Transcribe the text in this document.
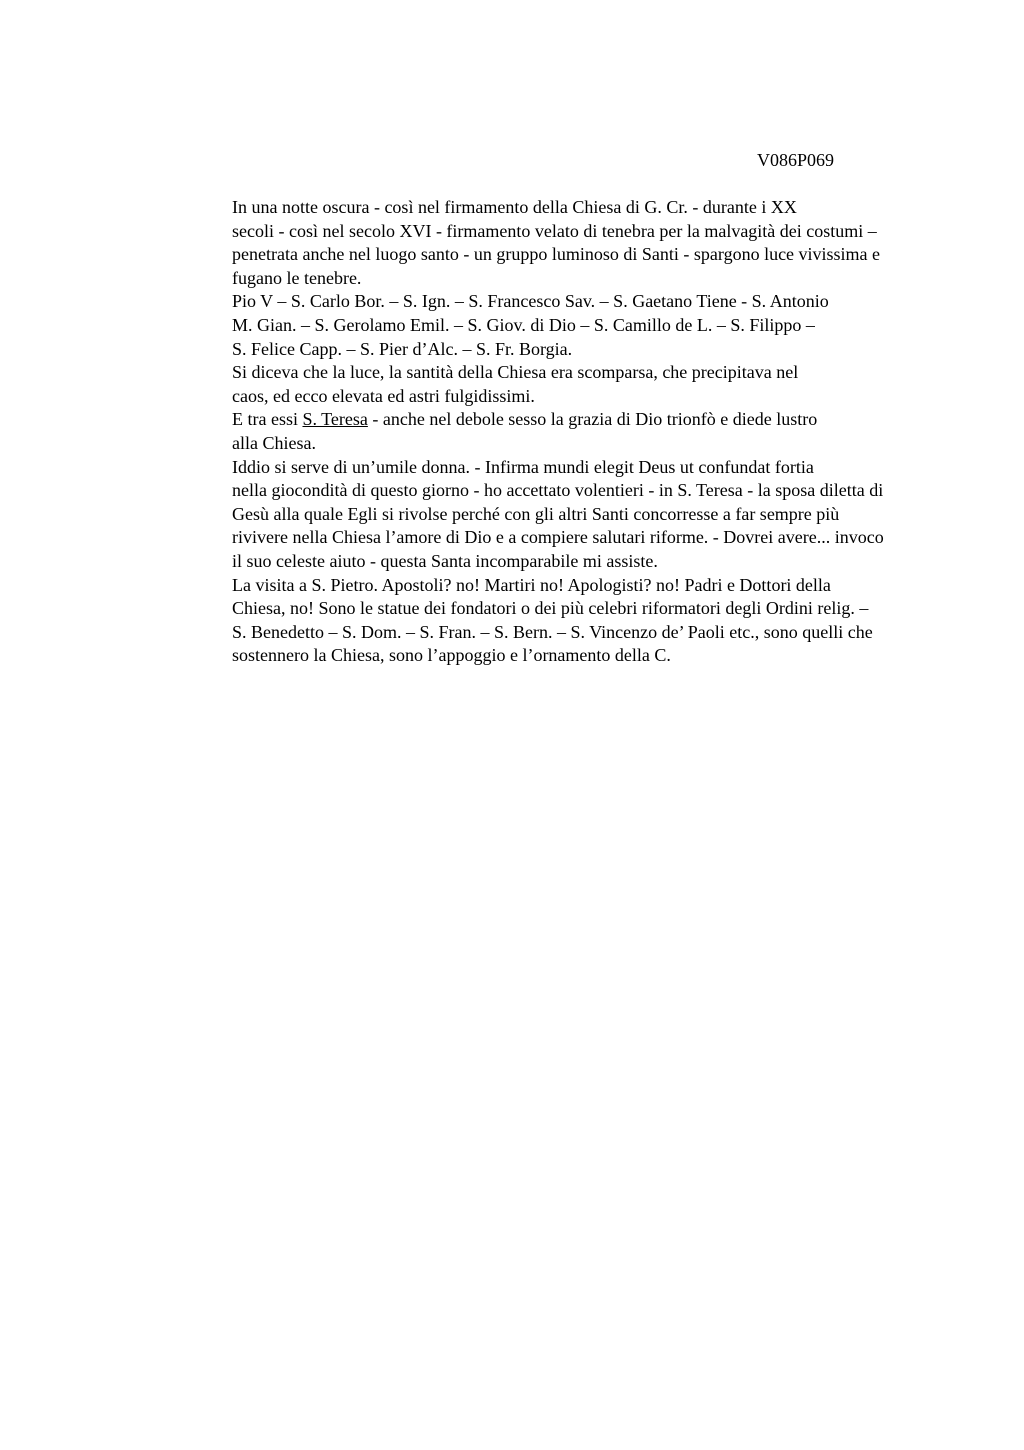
V086P069

In una notte oscura - così nel firmamento della Chiesa di G. Cr. - durante i XX
secoli - così nel secolo XVI - firmamento velato di tenebra per la malvagità dei costumi –
penetrata anche nel luogo santo - un gruppo luminoso di Santi - spargono luce vivissima e
fugano le tenebre.

Pio V – S. Carlo Bor. – S. Ign. – S. Francesco Sav. – S. Gaetano Tiene - S. Antonio
M. Gian. – S. Gerolamo Emil. – S. Giov. di Dio – S. Camillo de L. – S. Filippo –
S. Felice Capp. – S. Pier d’Alc. – S. Fr. Borgia.

Si diceva che la luce, la santità della Chiesa era scomparsa, che precipitava nel
caos, ed ecco elevata ed astri fulgidissimi.

E tra essi S. Teresa - anche nel debole sesso la grazia di Dio trionfò e diede lustro
alla Chiesa.

Iddio si serve di un’umile donna. - Infirma mundi elegit Deus ut confundat fortia
nella giocondità di questo giorno - ho accettato volentieri - in S. Teresa - la sposa diletta di
Gesù alla quale Egli si rivolse perché con gli altri Santi concorresse a far sempre più
rivivere nella Chiesa l’amore di Dio e a compiere salutari riforme. - Dovrei avere... invoco
il suo celeste aiuto - questa Santa incomparabile mi assiste.

La visita a S. Pietro. Apostoli? no! Martiri no! Apologisti? no! Padri e Dottori della
Chiesa, no! Sono le statue dei fondatori o dei più celebri riformatori degli Ordini relig. –
S. Benedetto – S. Dom. – S. Fran. – S. Bern. – S. Vincenzo de’ Paoli etc., sono quelli che
sostennero la Chiesa, sono l’appoggio e l’ornamento della C.
